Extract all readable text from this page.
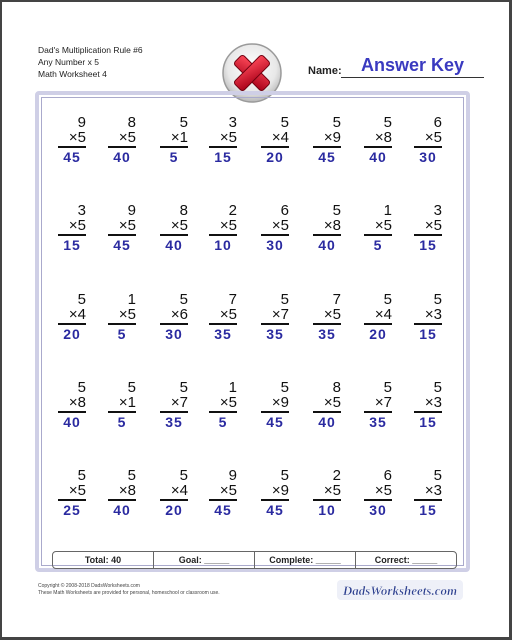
Dad's Multiplication Rule #6
Any Number x 5
Math Worksheet 4	Name:	Answer Key
9
×5
45
8
×5
40
5
×1
5
3
×5
15
5
×4
20
5
×9
45
5
×8
40
6
×5
30
3
×5
15
9
×5
45
8
×5
40
2
×5
10
6
×5
30
5
×8
40
1
×5
5
3
×5
15
5
×4
20
1
×5
5
5
×6
30
7
×5
35
5
×7
35
7
×5
35
5
×4
20
5
×3
15
5
×8
40
5
×1
5
5
×7
35
1
×5
5
5
×9
45
8
×5
40
5
×7
35
5
×3
15
5
×5
25
5
×8
40
5
×4
20
9
×5
45
5
×9
45
2
×5
10
6
×5
30
5
×3
15
Total: 40	Goal: _____	Complete: _____	Correct: _____
Copyright © 2008-2018 DadsWorksheets.com
These Math Worksheets are provided for personal, homeschool or classroom use.	DadsWorksheets.com
